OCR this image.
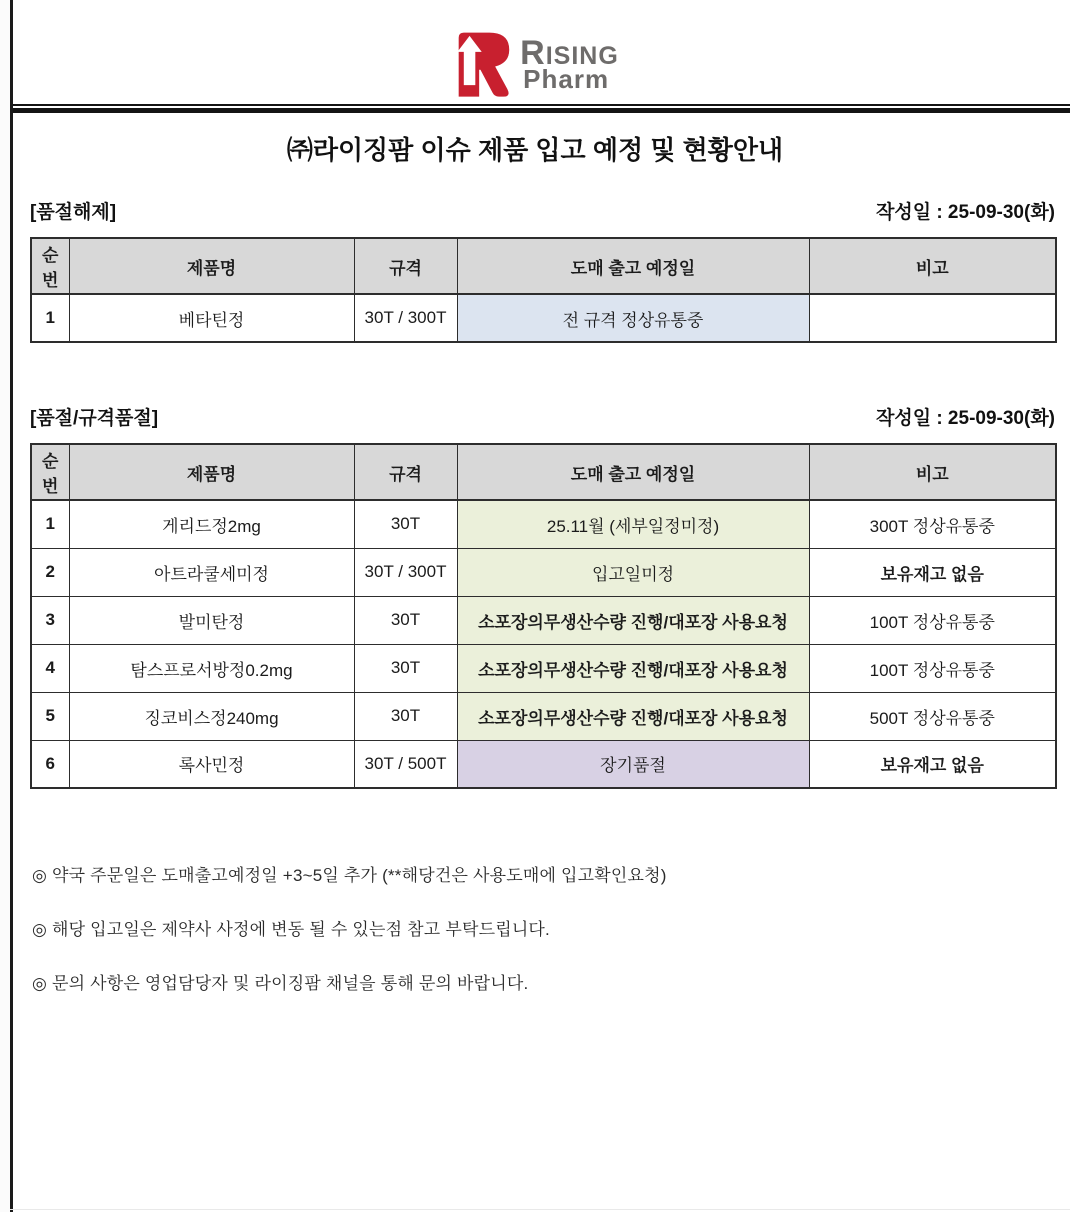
RISING
Pharm
㈜라이징팜 이슈 제품 입고 예정 및 현황안내
[품절해제]	작성일 : 25-09-30(화)
순번	제품명	규격	도매 출고 예정일	비고
1	베타틴정	30T / 300T	전 규격 정상유통중	
[품절/규격품절]	작성일 : 25-09-30(화)
순번	제품명	규격	도매 출고 예정일	비고
1	게리드정2mg	30T	25.11월 (세부일정미정)	300T 정상유통중
2	아트라쿨세미정	30T / 300T	입고일미정	보유재고 없음
3	발미탄정	30T	소포장의무생산수량 진행/대포장 사용요청	100T 정상유통중
4	탐스프로서방정0.2mg	30T	소포장의무생산수량 진행/대포장 사용요청	100T 정상유통중
5	징코비스정240mg	30T	소포장의무생산수량 진행/대포장 사용요청	500T 정상유통중
6	록사민정	30T / 500T	장기품절	보유재고 없음
◎ 약국 주문일은 도매출고예정일 +3~5일 추가 (**해당건은 사용도매에 입고확인요청)
◎ 해당 입고일은 제약사 사정에 변동 될 수 있는점 참고 부탁드립니다.
◎ 문의 사항은 영업담당자 및 라이징팜 채널을 통해 문의 바랍니다.
